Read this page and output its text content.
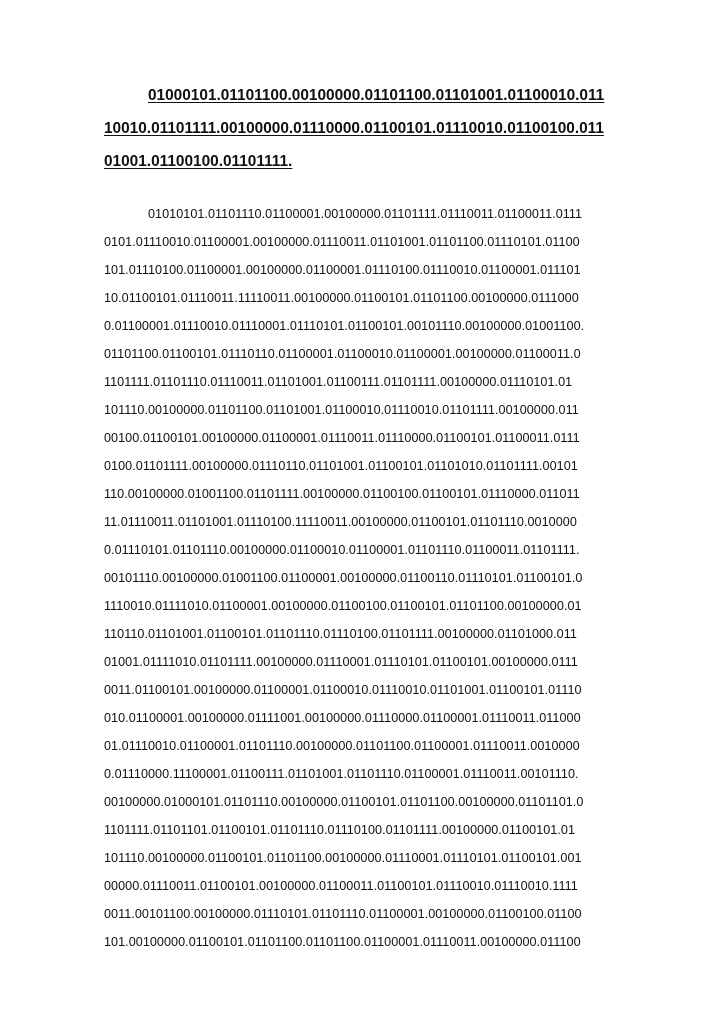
01000101.01101100.00100000.01101100.01101001.01100010.011
10010.01101111.00100000.01110000.01100101.01110010.01100100.011
01001.01100100.01101111.
01010101.01101110.01100001.00100000.01101111.01110011.01100011.0111
0101.01110010.01100001.00100000.01110011.01101001.01101100.01110101.01100
101.01110100.01100001.00100000.01100001.01110100.01110010.01100001.011101
10.01100101.01110011.11110011.00100000.01100101.01101100.00100000.0111000
0.01100001.01110010.01110001.01110101.01100101.00101110.00100000.01001100.
01101100.01100101.01110110.01100001.01100010.01100001.00100000.01100011.0
1101111.01101110.01110011.01101001.01100111.01101111.00100000.01110101.01
101110.00100000.01101100.01101001.01100010.01110010.01101111.00100000.011
00100.01100101.00100000.01100001.01110011.01110000.01100101.01100011.0111
0100.01101111.00100000.01110110.01101001.01100101.01101010.01101111.00101
110.00100000.01001100.01101111.00100000.01100100.01100101.01110000.011011
11.01110011.01101001.01110100.11110011.00100000.01100101.01101110.0010000
0.01110101.01101110.00100000.01100010.01100001.01101110.01100011.01101111.
00101110.00100000.01001100.01100001.00100000.01100110.01110101.01100101.0
1110010.01111010.01100001.00100000.01100100.01100101.01101100.00100000.01
110110.01101001.01100101.01101110.01110100.01101111.00100000.01101000.011
01001.01111010.01101111.00100000.01110001.01110101.01100101.00100000.0111
0011.01100101.00100000.01100001.01100010.01110010.01101001.01100101.01110
010.01100001.00100000.01111001.00100000.01110000.01100001.01110011.011000
01.01110010.01100001.01101110.00100000.01101100.01100001.01110011.0010000
0.01110000.11100001.01100111.01101001.01101110.01100001.01110011.00101110.
00100000.01000101.01101110.00100000.01100101.01101100.00100000.01101101.0
1101111.01101101.01100101.01101110.01110100.01101111.00100000.01100101.01
101110.00100000.01100101.01101100.00100000.01110001.01110101.01100101.001
00000.01110011.01100101.00100000.01100011.01100101.01110010.01110010.1111
0011.00101100.00100000.01110101.01101110.01100001.00100000.01100100.01100
101.00100000.01100101.01101100.01101100.01100001.01110011.00100000.011100
